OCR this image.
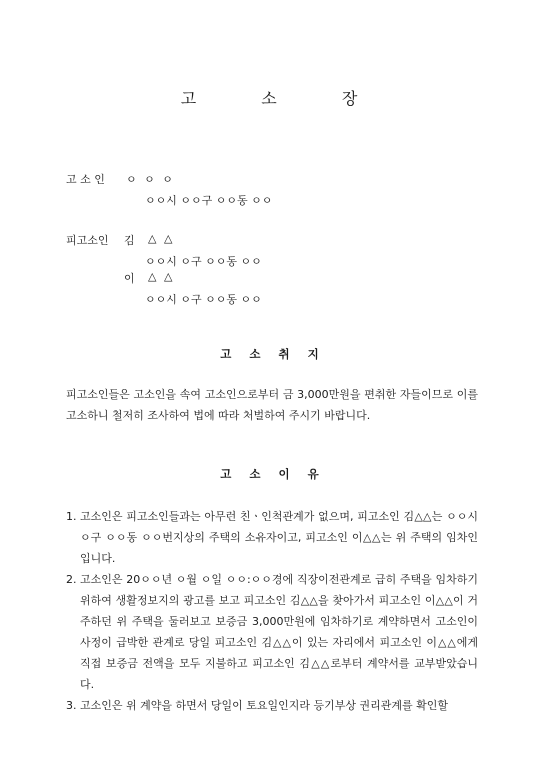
고	소	장
고 소 인 ㅇ ㅇ ㅇ
ㅇㅇ시 ㅇㅇ구 ㅇㅇ동 ㅇㅇ
피고소인 김 △ △
ㅇㅇ시 ㅇ구 ㅇㅇ동 ㅇㅇ
이 △ △
ㅇㅇ시 ㅇ구 ㅇㅇ동 ㅇㅇ
고 소 취 지
피고소인들은 고소인을 속여 고소인으로부터 금 3,000만원을 편취한 자들이므로 이를 고소하니 철저히 조사하여 법에 따라 처벌하여 주시기 바랍니다.
고 소 이 유
1. 고소인은 피고소인들과는 아무런 친ㆍ인척관계가 없으며, 피고소인 김△△는 ㅇㅇ시 ㅇ구 ㅇㅇ동 ㅇㅇ번지상의 주택의 소유자이고, 피고소인 이△△는 위 주택의 임차인입니다.
2. 고소인은 20ㅇㅇ년 ㅇ월 ㅇ일 ㅇㅇ:ㅇㅇ경에 직장이전관계로 급히 주택을 임차하기 위하여 생활정보지의 광고를 보고 피고소인 김△△을 찾아가서 피고소인 이△△이 거주하던 위 주택을 둘러보고 보증금 3,000만원에 임차하기로 계약하면서 고소인이 사정이 급박한 관계로 당일 피고소인 김△△이 있는 자리에서 피고소인 이△△에게 직접 보증금 전액을 모두 지불하고 피고소인 김△△로부터 계약서를 교부받았습니다.
3. 고소인은 위 계약을 하면서 당일이 토요일인지라 등기부상 권리관계를 확인할
